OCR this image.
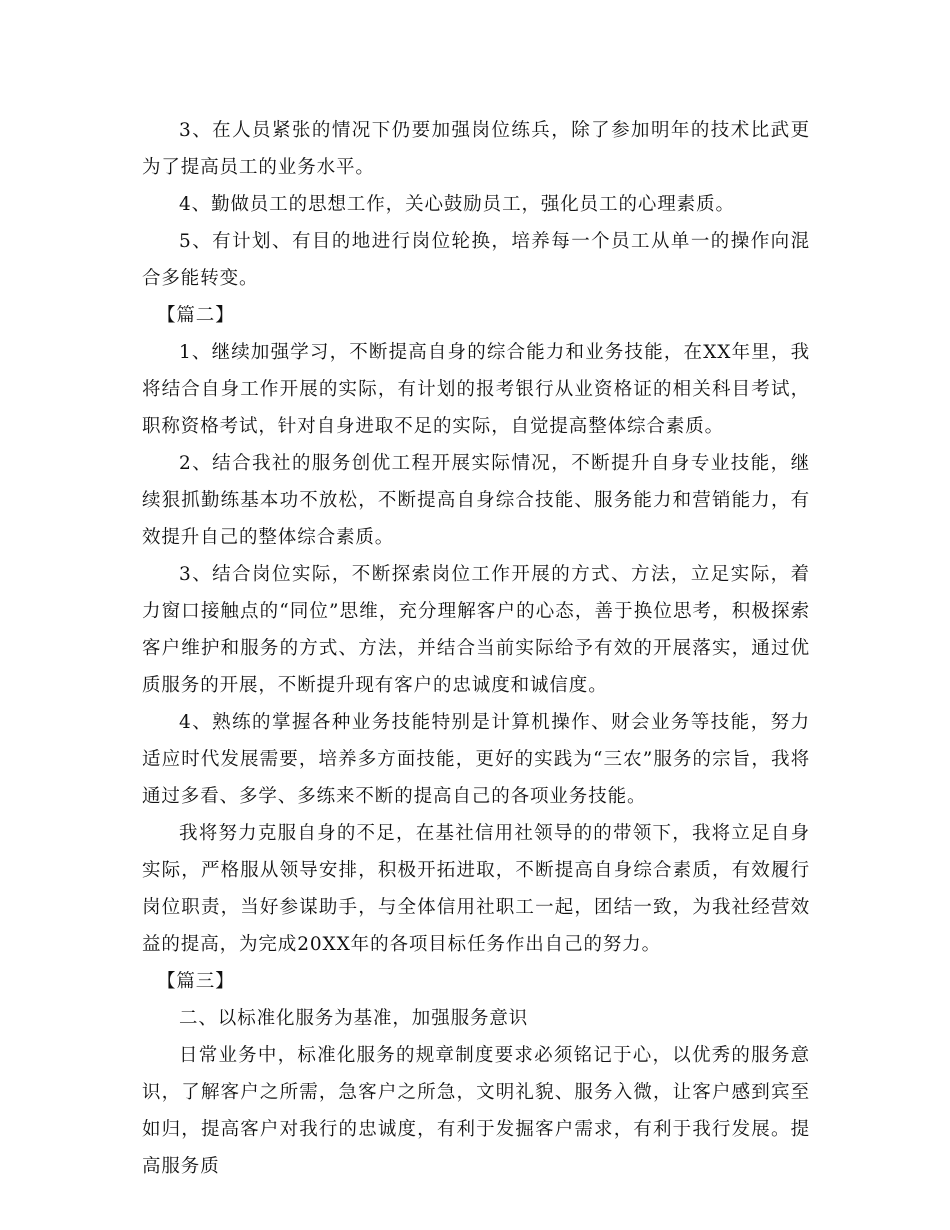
3、在人员紧张的情况下仍要加强岗位练兵，除了参加明年的技术比武更为了提高员工的业务水平。

4、勤做员工的思想工作，关心鼓励员工，强化员工的心理素质。

5、有计划、有目的地进行岗位轮换，培养每一个员工从单一的操作向混合多能转变。

【篇二】

1、继续加强学习，不断提高自身的综合能力和业务技能，在XX年里，我将结合自身工作开展的实际，有计划的报考银行从业资格证的相关科目考试，职称资格考试，针对自身进取不足的实际，自觉提高整体综合素质。

2、结合我社的服务创优工程开展实际情况，不断提升自身专业技能，继续狠抓勤练基本功不放松，不断提高自身综合技能、服务能力和营销能力，有效提升自己的整体综合素质。

3、结合岗位实际，不断探索岗位工作开展的方式、方法，立足实际，着力窗口接触点的“同位”思维，充分理解客户的心态，善于换位思考，积极探索客户维护和服务的方式、方法，并结合当前实际给予有效的开展落实，通过优质服务的开展，不断提升现有客户的忠诚度和诚信度。

4、熟练的掌握各种业务技能特别是计算机操作、财会业务等技能，努力适应时代发展需要，培养多方面技能，更好的实践为“三农”服务的宗旨，我将通过多看、多学、多练来不断的提高自己的各项业务技能。

我将努力克服自身的不足，在基社信用社领导的的带领下，我将立足自身实际，严格服从领导安排，积极开拓进取，不断提高自身综合素质，有效履行岗位职责，当好参谋助手，与全体信用社职工一起，团结一致，为我社经营效益的提高，为完成20XX年的各项目标任务作出自己的努力。

【篇三】

二、以标准化服务为基准，加强服务意识

日常业务中，标准化服务的规章制度要求必须铭记于心，以优秀的服务意识，了解客户之所需，急客户之所急，文明礼貌、服务入微，让客户感到宾至如归，提高客户对我行的忠诚度，有利于发掘客户需求，有利于我行发展。提高服务质
